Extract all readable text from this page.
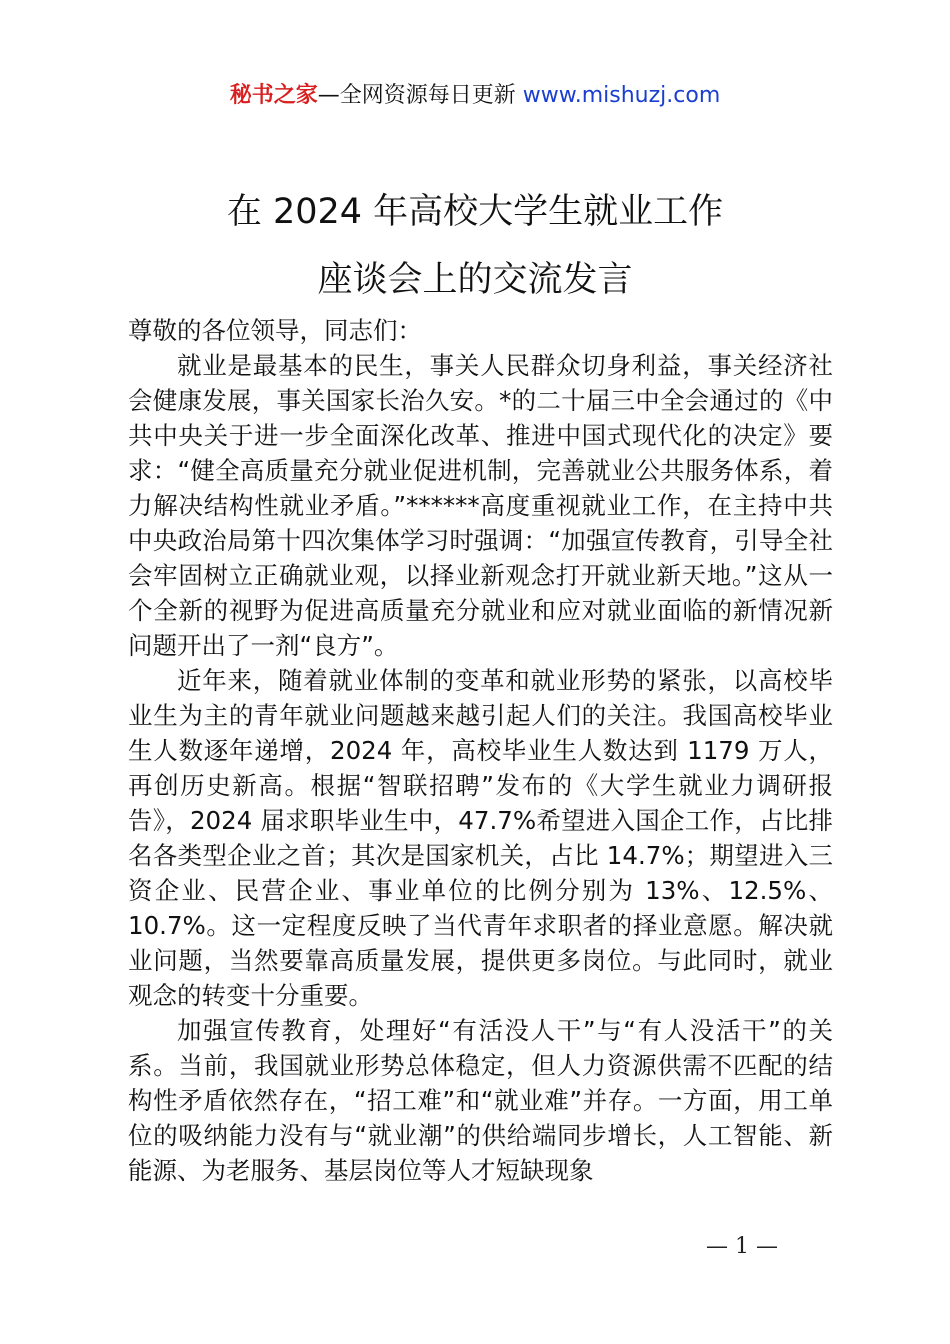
秘书之家—全网资源每日更新 www.mishuzj.com
在 2024 年高校大学生就业工作
座谈会上的交流发言

尊敬的各位领导，同志们：

就业是最基本的民生，事关人民群众切身利益，事关经济社会健康发展，事关国家长治久安。*的二十届三中全会通过的《中共中央关于进一步全面深化改革、推进中国式现代化的决定》要求：“健全高质量充分就业促进机制，完善就业公共服务体系，着力解决结构性就业矛盾。”******高度重视就业工作，在主持中共中央政治局第十四次集体学习时强调：“加强宣传教育，引导全社会牢固树立正确就业观，以择业新观念打开就业新天地。”这从一个全新的视野为促进高质量充分就业和应对就业面临的新情况新问题开出了一剂“良方”。

近年来，随着就业体制的变革和就业形势的紧张，以高校毕业生为主的青年就业问题越来越引起人们的关注。我国高校毕业生人数逐年递增，2024 年，高校毕业生人数达到 1179 万人，再创历史新高。根据“智联招聘”发布的《大学生就业力调研报告》，2024 届求职毕业生中，47.7%希望进入国企工作，占比排名各类型企业之首；其次是国家机关，占比 14.7%；期望进入三资企业、民营企业、事业单位的比例分别为 13%、12.5%、10.7%。这一定程度反映了当代青年求职者的择业意愿。解决就业问题，当然要靠高质量发展，提供更多岗位。与此同时，就业观念的转变十分重要。

加强宣传教育，处理好“有活没人干”与“有人没活干”的关系。当前，我国就业形势总体稳定，但人力资源供需不匹配的结构性矛盾依然存在，“招工难”和“就业难”并存。一方面，用工单位的吸纳能力没有与“就业潮”的供给端同步增长，人工智能、新能源、为老服务、基层岗位等人才短缺现象

— 1 —
